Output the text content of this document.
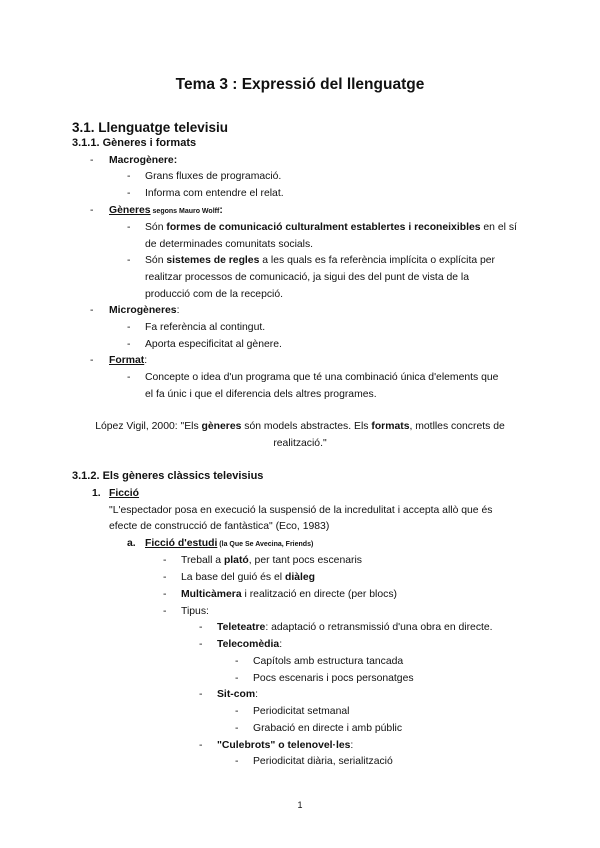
Tema 3 : Expressió del llenguatge
3.1. Llenguatge televisiu
3.1.1. Gèneres i formats
- Macrogènere:
- Grans fluxes de programació.
- Informa com entendre el relat.
- Gèneres segons Mauro Wolff:
- Són formes de comunicació culturalment establertes i reconeixibles en el sí
de determinades comunitats socials.
- Són sistemes de regles a les quals es fa referència implícita o explícita per
realitzar processos de comunicació, ja sigui des del punt de vista de la
producció com de la recepció.
- Microgèneres:
- Fa referència al contingut.
- Aporta especificitat al gènere.
- Format:
- Concepte o idea d'un programa que té una combinació única d'elements que
el fa únic i que el diferencia dels altres programes.
López Vigil, 2000: "Els gèneres són models abstractes. Els formats, motlles concrets de
realització."
3.1.2. Els gèneres clàssics televisius
1. Ficció
"L'espectador posa en execució la suspensió de la incredulitat i accepta allò que és
efecte de construcció de fantàstica" (Eco, 1983)
a. Ficció d'estudi (la Que Se Avecina, Friends)
- Treball a plató, per tant pocs escenaris
- La base del guió és el diàleg
- Multicàmera i realització en directe (per blocs)
- Tipus:
- Teleteatre: adaptació o retransmissió d'una obra en directe.
- Telecomèdia:
- Capítols amb estructura tancada
- Pocs escenaris i pocs personatges
- Sit-com:
- Periodicitat setmanal
- Grabació en directe i amb públic
- "Culebrots" o telenovel·les:
- Periodicitat diària, serialització
1
